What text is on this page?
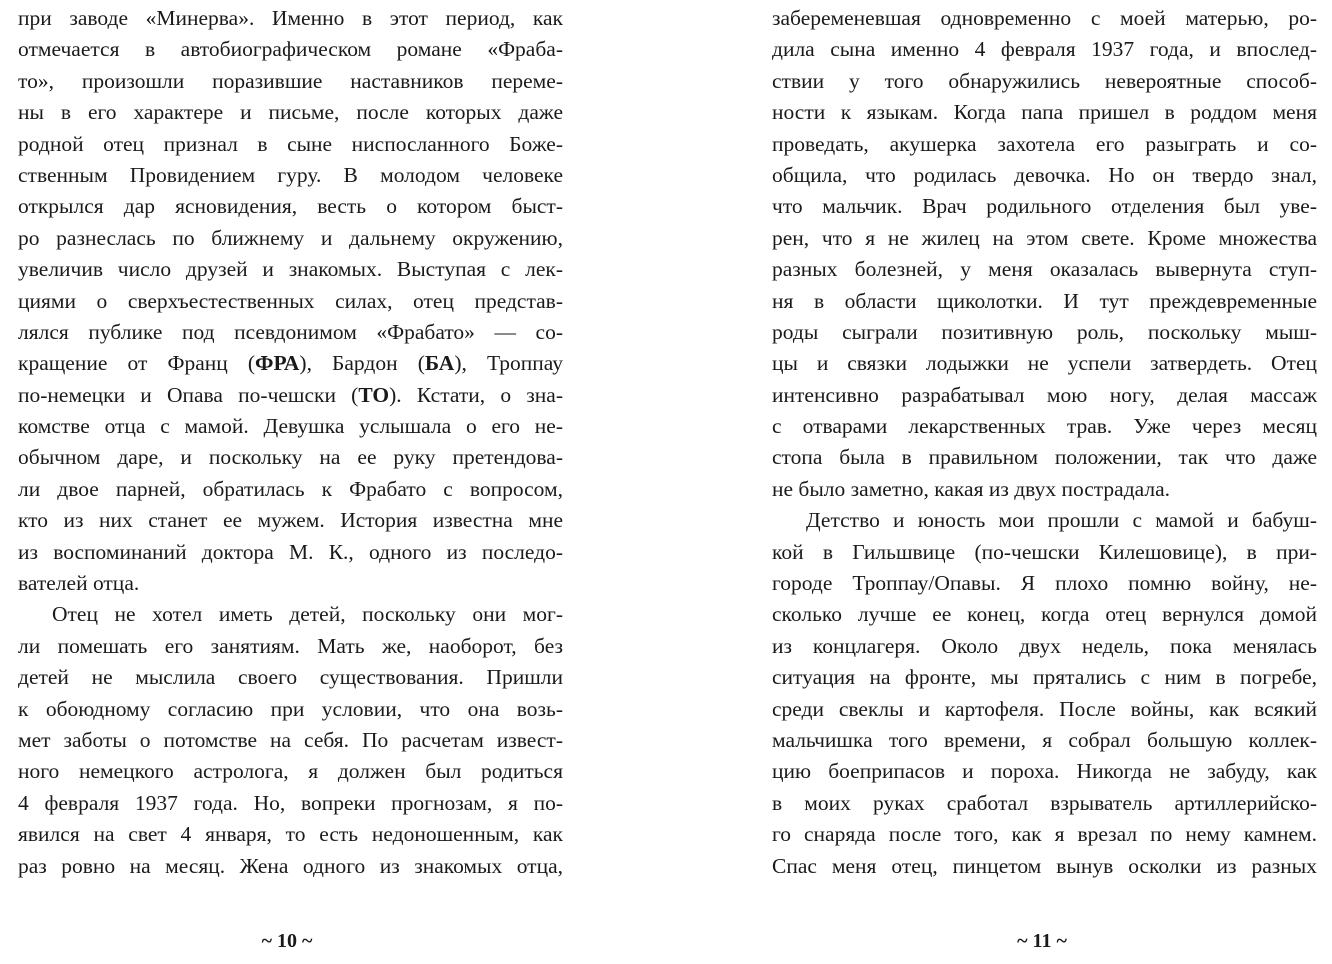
при заводе «Минерва». Именно в этот период, как
отмечается в автобиографическом романе «Фраба-
то», произошли поразившие наставников переме-
ны в его характере и письме, после которых даже
родной отец признал в сыне ниспосланного Боже-
ственным Провидением гуру. В молодом человеке
открылся дар ясновидения, весть о котором быст-
ро разнеслась по ближнему и дальнему окружению,
увеличив число друзей и знакомых. Выступая с лек-
циями о сверхъестественных силах, отец представ-
лялся публике под псевдонимом «Фрабато» — со-
кращение от Франц (ФРА), Бардон (БА), Троппау
по-немецки и Опава по-чешски (ТО). Кстати, о зна-
комстве отца с мамой. Девушка услышала о его не-
обычном даре, и поскольку на ее руку претендова-
ли двое парней, обратилась к Фрабато с вопросом,
кто из них станет ее мужем. История известна мне
из воспоминаний доктора М. К., одного из последо-
вателей отца.
Отец не хотел иметь детей, поскольку они мог-
ли помешать его занятиям. Мать же, наоборот, без
детей не мыслила своего существования. Пришли
к обоюдному согласию при условии, что она возь-
мет заботы о потомстве на себя. По расчетам извест-
ного немецкого астролога, я должен был родиться
4 февраля 1937 года. Но, вопреки прогнозам, я по-
явился на свет 4 января, то есть недоношенным, как
раз ровно на месяц. Жена одного из знакомых отца,
~ 10 ~
забеременевшая одновременно с моей матерью, ро-
дила сына именно 4 февраля 1937 года, и впослед-
ствии у того обнаружились невероятные способ-
ности к языкам. Когда папа пришел в роддом меня
проведать, акушерка захотела его разыграть и со-
общила, что родилась девочка. Но он твердо знал,
что мальчик. Врач родильного отделения был уве-
рен, что я не жилец на этом свете. Кроме множества
разных болезней, у меня оказалась вывернута ступ-
ня в области щиколотки. И тут преждевременные
роды сыграли позитивную роль, поскольку мыш-
цы и связки лодыжки не успели затвердеть. Отец
интенсивно разрабатывал мою ногу, делая массаж
с отварами лекарственных трав. Уже через месяц
стопа была в правильном положении, так что даже
не было заметно, какая из двух пострадала.
Детство и юность мои прошли с мамой и бабуш-
кой в Гильшвице (по-чешски Килешовице), в при-
городе Троппау/Опавы. Я плохо помню войну, не-
сколько лучше ее конец, когда отец вернулся домой
из концлагеря. Около двух недель, пока менялась
ситуация на фронте, мы прятались с ним в погребе,
среди свеклы и картофеля. После войны, как всякий
мальчишка того времени, я собрал большую коллек-
цию боеприпасов и пороха. Никогда не забуду, как
в моих руках сработал взрыватель артиллерийско-
го снаряда после того, как я врезал по нему камнем.
Спас меня отец, пинцетом вынув осколки из разных
~ 11 ~
